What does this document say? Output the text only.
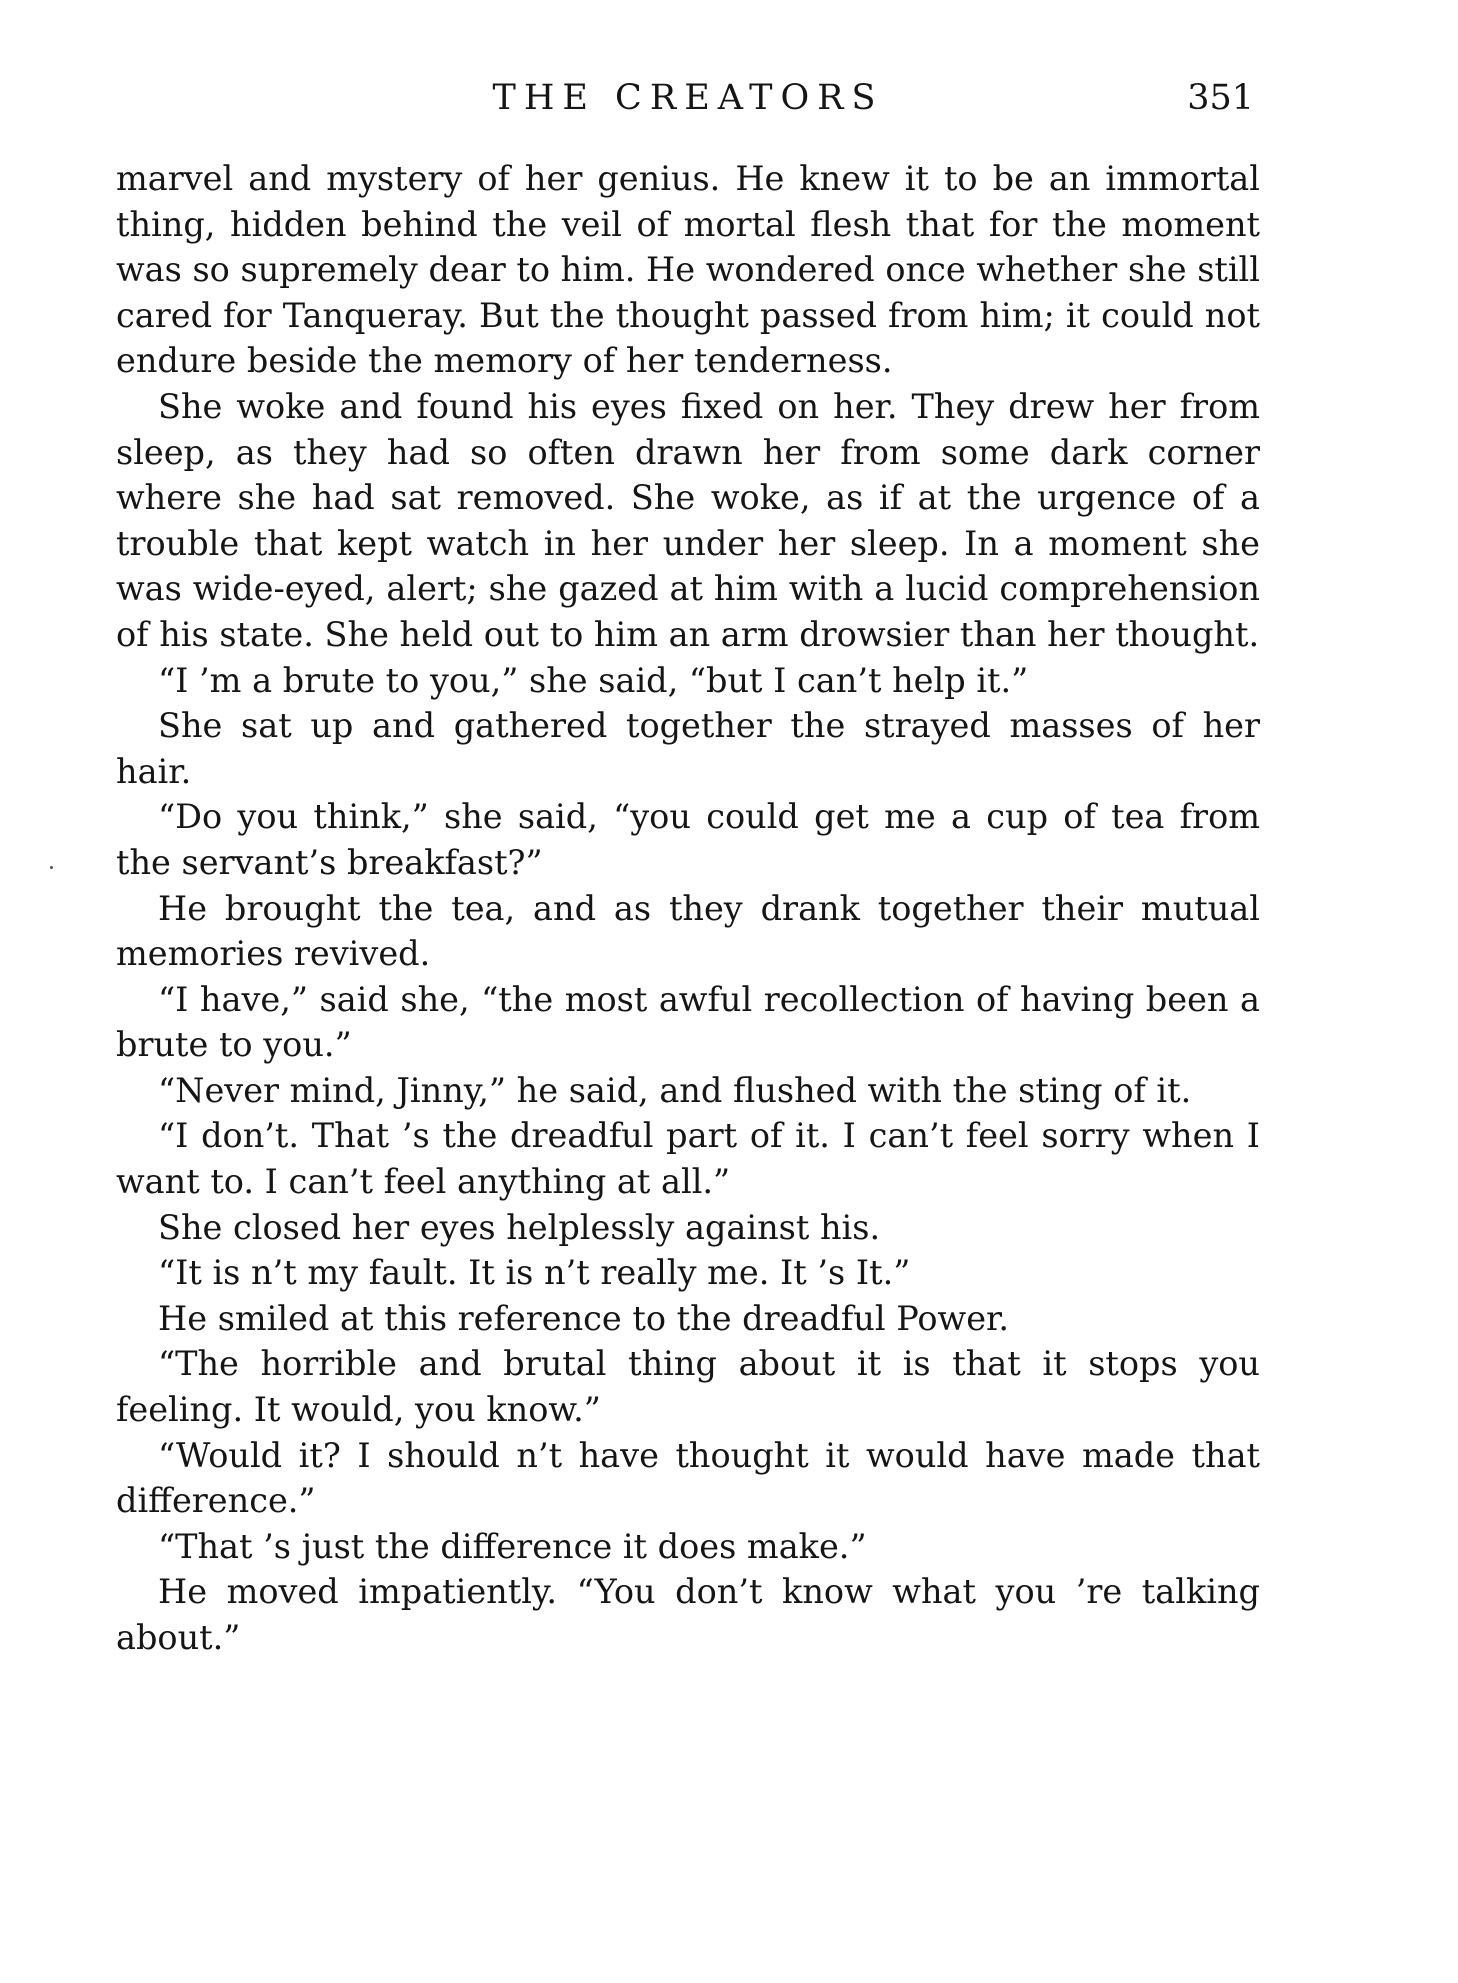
THE CREATORS	351

marvel and mystery of her genius. He knew it to be an immortal thing, hidden behind the veil of mortal flesh that for the moment was so supremely dear to him. He wondered once whether she still cared for Tanqueray. But the thought passed from him; it could not endure beside the memory of her tenderness.

She woke and found his eyes fixed on her. They drew her from sleep, as they had so often drawn her from some dark corner where she had sat removed. She woke, as if at the urgence of a trouble that kept watch in her under her sleep. In a moment she was wide-eyed, alert; she gazed at him with a lucid comprehension of his state. She held out to him an arm drowsier than her thought.

“I ’m a brute to you,” she said, “but I can’t help it.”

She sat up and gathered together the strayed masses of her hair.

“Do you think,” she said, “you could get me a cup of tea from the servant’s breakfast?”

He brought the tea, and as they drank together their mutual memories revived.

“I have,” said she, “the most awful recollection of having been a brute to you.”

“Never mind, Jinny,” he said, and flushed with the sting of it.

“I don’t. That ’s the dreadful part of it. I can’t feel sorry when I want to. I can’t feel anything at all.”

She closed her eyes helplessly against his.

“It is n’t my fault. It is n’t really me. It ’s It.”

He smiled at this reference to the dreadful Power.

“The horrible and brutal thing about it is that it stops you feeling. It would, you know.”

“Would it? I should n’t have thought it would have made that difference.”

“That ’s just the difference it does make.”

He moved impatiently. “You don’t know what you ’re talking about.”
